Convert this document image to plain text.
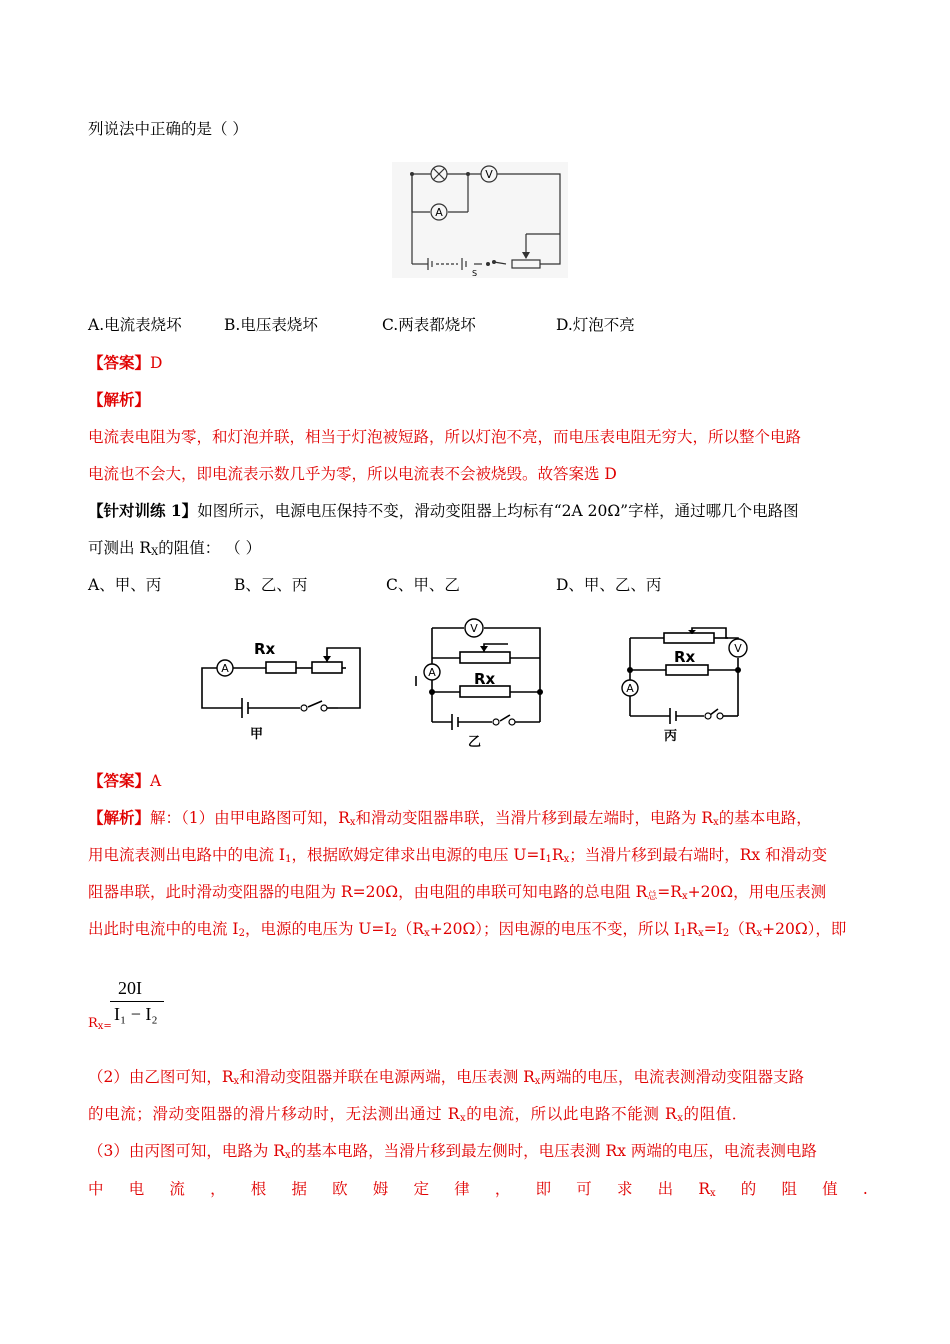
列说法中正确的是（ ）
V
A
S
A.电流表烧坏	B.电压表烧坏	C.两表都烧坏	D.灯泡不亮
【答案】D
【解析】
电流表电阻为零，和灯泡并联，相当于灯泡被短路，所以灯泡不亮，而电压表电阻无穷大，所以整个电路
电流也不会大，即电流表示数几乎为零，所以电流表不会被烧毁。故答案选 D
【针对训练 1】如图所示，电源电压保持不变，滑动变阻器上均标有“2A 20Ω”字样，通过哪几个电路图
可测出 $R_X$的阻值： （ ）
A、甲、丙	B、乙、丙	C、甲、乙	D、甲、乙、丙
A
Rx
甲
V
A	Rx
乙
V
A
Rx
丙
【答案】A
【解析】解：（1）由甲电路图可知，$R_x$和滑动变阻器串联，当滑片移到最左端时，电路为 $R_x$的基本电路，
用电流表测出电路中的电流 $I_1$，根据欧姆定律求出电源的电压 $U=I_1R_x$；当滑片移到最右端时，Rx 和滑动变
阻器串联，此时滑动变阻器的电阻为 R=20Ω，由电阻的串联可知电路的总电阻 $R_总=R_x+20\Omega$，用电压表测
出此时电流中的电流 $I_2$，电源的电压为 $U=I_2(R_x+20\Omega)$；因电源的电压不变，所以 $I_1R_x=I_2(R_x+20\Omega)$，即
20I
I₁ − I₂
$R_{x=}$
（2）由乙图可知，$R_x$和滑动变阻器并联在电源两端，电压表测 $R_x$两端的电压，电流表测滑动变阻器支路
的电流；滑动变阻器的滑片移动时，无法测出通过 $R_x$的电流，所以此电路不能测 $R_x$的阻值．
（3）由丙图可知，电路为 $R_x$的基本电路，当滑片移到最左侧时，电压表测 Rx 两端的电压，电流表测电路
中 电 流 ， 根 据 欧 姆 定 律 ， 即 可 求 出 $R_x$ 的 阻 值 .
